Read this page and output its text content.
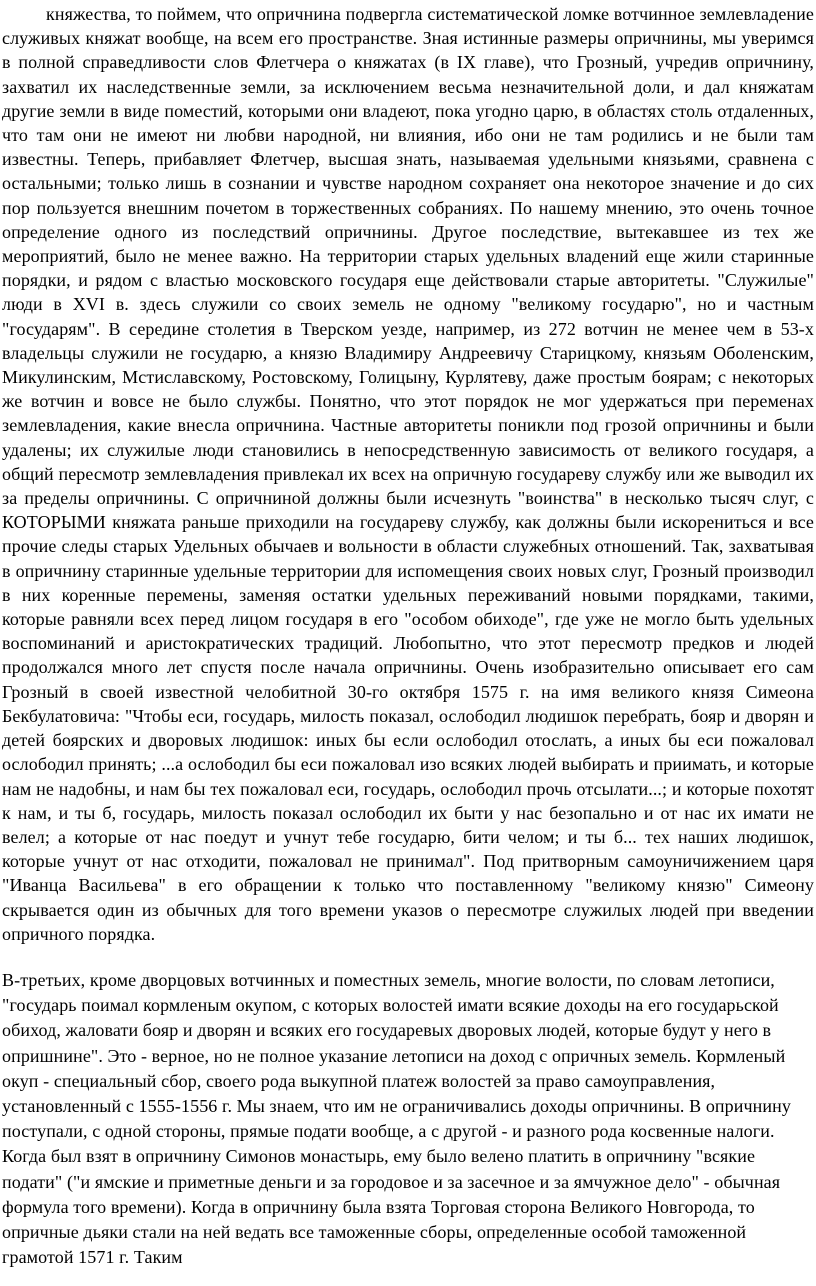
княжества, то поймем, что опричнина подвергла систематической ломке вотчинное землевладение служивых княжат вообще, на всем его пространстве. Зная истинные размеры опричнины, мы уверимся в полной справедливости слов Флетчера о княжатах (в IX главе), что Грозный, учредив опричнину, захватил их наследственные земли, за исключением весьма незначительной доли, и дал княжатам другие земли в виде поместий, которыми они владеют, пока угодно царю, в областях столь отдаленных, что там они не имеют ни любви народной, ни влияния, ибо они не там родились и не были там известны. Теперь, прибавляет Флетчер, высшая знать, называемая удельными князьями, сравнена с остальными; только лишь в сознании и чувстве народном сохраняет она некоторое значение и до сих пор пользуется внешним почетом в торжественных собраниях. По нашему мнению, это очень точное определение одного из последствий опричнины. Другое последствие, вытекавшее из тех же мероприятий, было не менее важно. На территории старых удельных владений еще жили старинные порядки, и рядом с властью московского государя еще действовали старые авторитеты. "Служилые" люди в XVI в. здесь служили со своих земель не одному "великому государю", но и частным "государям". В середине столетия в Тверском уезде, например, из 272 вотчин не менее чем в 53-х владельцы служили не государю, а князю Владимиру Андреевичу Старицкому, князьям Оболенским, Микулинским, Мстиславскому, Ростовскому, Голицыну, Курлятеву, даже простым боярам; с некоторых же вотчин и вовсе не было службы. Понятно, что этот порядок не мог удержаться при переменах землевладения, какие внесла опричнина. Частные авторитеты поникли под грозой опричнины и были удалены; их служилые люди становились в непосредственную зависимость от великого государя, а общий пересмотр землевладения привлекал их всех на опричную государеву службу или же выводил их за пределы опричнины. С опричниной должны были исчезнуть "воинства" в несколько тысяч слуг, с КОТОРЫМИ княжата раньше приходили на государеву службу, как должны были искорениться и все прочие следы старых Удельных обычаев и вольности в области служебных отношений. Так, захватывая в опричнину старинные удельные территории для испомещения своих новых слуг, Грозный производил в них коренные перемены, заменяя остатки удельных переживаний новыми порядками, такими, которые равняли всех перед лицом государя в его "особом обиходе", где уже не могло быть удельных воспоминаний и аристократических традиций. Любопытно, что этот пересмотр предков и людей продолжался много лет спустя после начала опричнины. Очень изобразительно описывает его сам Грозный в своей известной челобитной 30-го октября 1575 г. на имя великого князя Симеона Бекбулатовича: "Чтобы еси, государь, милость показал, ослободил людишок перебрать, бояр и дворян и детей боярских и дворовых людишок: иных бы если ослободил отослать, а иных бы еси пожаловал ослободил принять; ...а ослободил бы еси пожаловал изо всяких людей выбирать и приимать, и которые нам не надобны, и нам бы тех пожаловал еси, государь, ослободил прочь отсылати...; и которые похотят к нам, и ты б, государь, милость показал ослободил их быти у нас безопально и от нас их имати не велел; а которые от нас поедут и учнут тебе государю, бити челом; и ты б... тех наших людишок, которые учнут от нас отходити, пожаловал не принимал". Под притворным самоуничижением царя "Иванца Васильева" в его обращении к только что поставленному "великому князю" Симеону скрывается один из обычных для того времени указов о пересмотре служилых людей при введении опричного порядка.

В-третьих, кроме дворцовых вотчинных и поместных земель, многие волости, по словам летописи, "государь поимал кормленым окупом, с которых волостей имати всякие доходы на его государьской обиход, жаловати бояр и дворян и всяких его государевых дворовых людей, которые будут у него в опришнине". Это - верное, но не полное указание летописи на доход с опричных земель. Кормленый окуп - специальный сбор, своего рода выкупной платеж волостей за право самоуправления, установленный с 1555-1556 г. Мы знаем, что им не ограничивались доходы опричнины. В опричнину поступали, с одной стороны, прямые подати вообще, а с другой - и разного рода косвенные налоги. Когда был взят в опричнину Симонов монастырь, ему было велено платить в опричнину "всякие подати" ("и ямские и приметные деньги и за городовое и за засечное и за ямчужное дело" - обычная формула того времени). Когда в опричнину была взята Торговая сторона Великого Новгорода, то опричные дьяки стали на ней ведать все таможенные сборы, определенные особой таможенной грамотой 1571 г. Таким
